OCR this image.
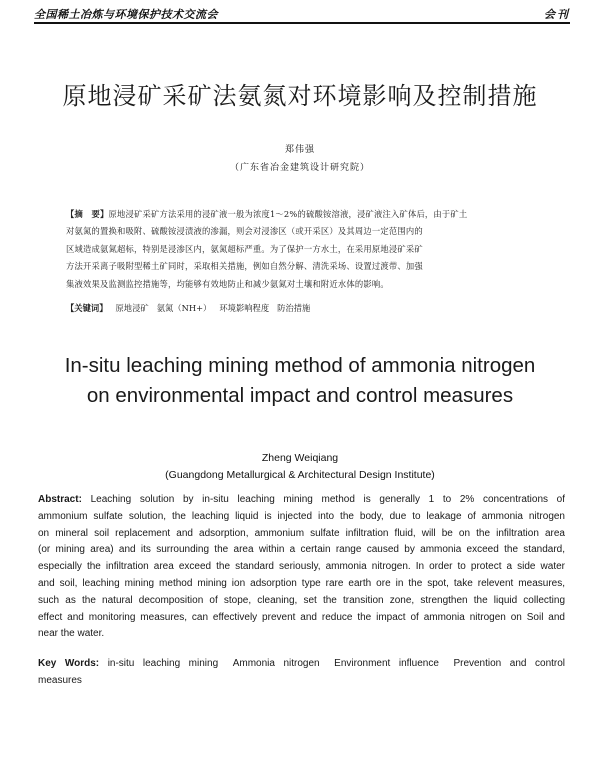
全国稀土冶炼与环境保护技术交流会	会刊
原地浸矿采矿法氨氮对环境影响及控制措施
郑伟强
（广东省冶金建筑设计研究院）
【摘　要】原地浸矿采矿方法采用的浸矿液一般为浓度1～2%的硫酸铵溶液，浸矿液注入矿体后，由于矿土
对氨氮的置换和吸附、硫酸铵浸渍液的渗漏，则会对浸渗区（或开采区）及其周边一定范围内的
区域造成氨氮超标，特别是浸渗区内，氨氮超标严重。为了保护一方水土，在采用原地浸矿采矿
方法开采离子吸附型稀土矿同时，采取相关措施，例如自然分解、清洗采场、设置过渡带、加强
集液效果及监测监控措施等，均能够有效地防止和减少氨氮对土壤和附近水体的影响。
【关键词】 原地浸矿 氨氮（NH+） 环境影响程度 防治措施
In-situ leaching mining method of ammonia nitrogen
on environmental impact and control measures
Zheng Weiqiang
(Guangdong Metallurgical & Architectural Design Institute)
Abstract: Leaching solution by in-situ leaching mining method is generally 1 to 2% concentrations of
ammonium sulfate solution, the leaching liquid is injected into the body, due to leakage of ammonia nitrogen
on mineral soil replacement and adsorption, ammonium sulfate infiltration fluid, will be on the infiltration area
(or mining area) and its surrounding the area within a certain range caused by ammonia exceed the standard,
especially the infiltration area exceed the standard seriously, ammonia nitrogen. In order to protect a side water
and soil, leaching mining method mining ion adsorption type rare earth ore in the spot, take relevent measures,
such as the natural decomposition of stope, cleaning, set the transition zone, strengthen the liquid collecting
effect and monitoring measures, can effectively prevent and reduce the impact of ammonia nitrogen on Soil and
near the water.
Key Words: in-situ leaching mining Ammonia nitrogen Environment influence Prevention and control
measures
